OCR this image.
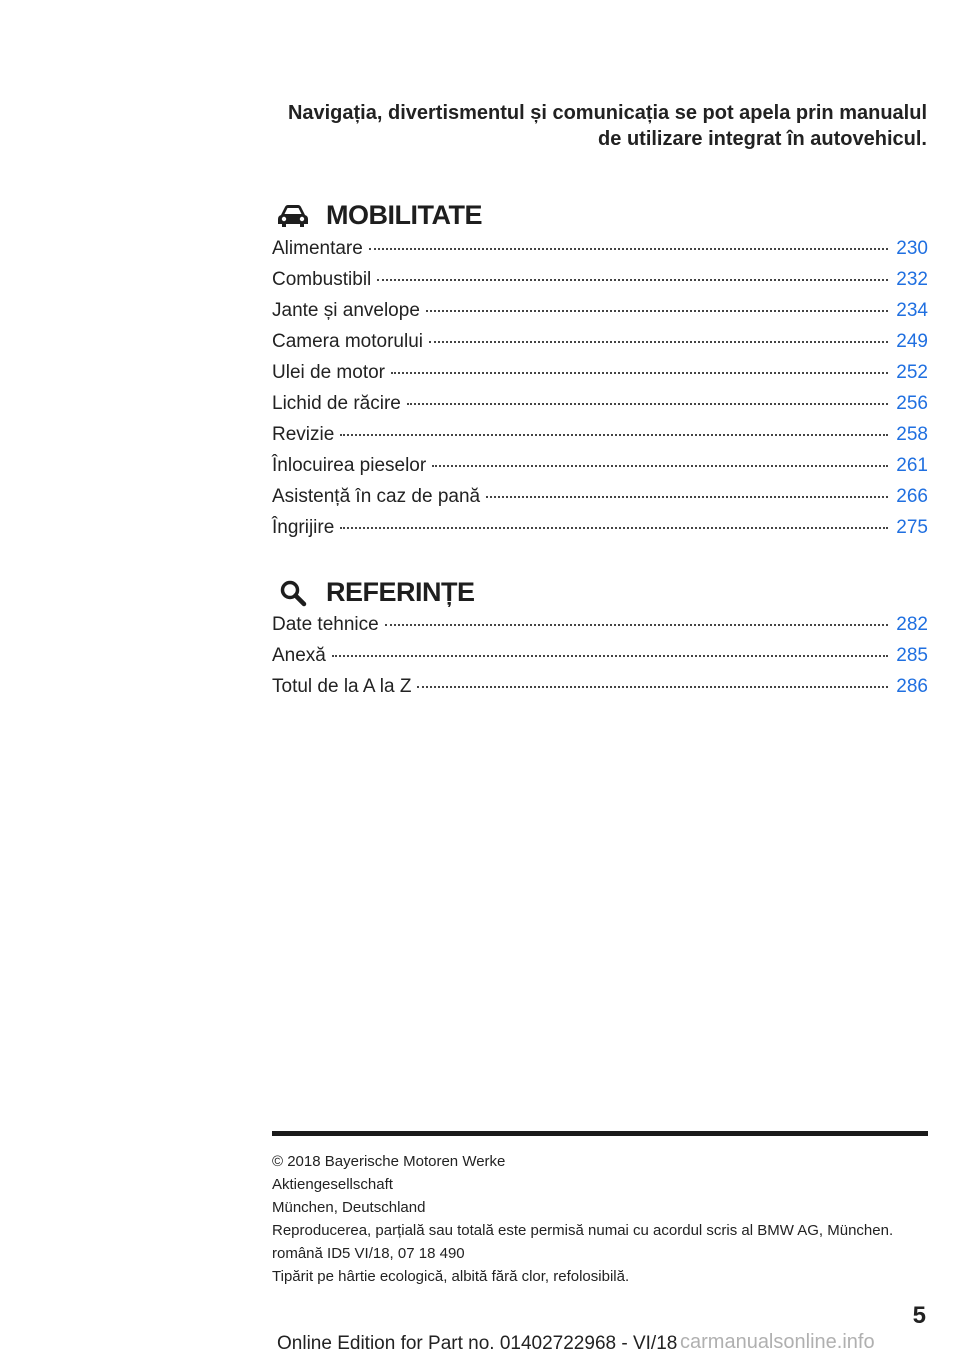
Navigația, divertismentul și comunicația se pot apela prin manualul
de utilizare integrat în autovehicul.
MOBILITATE
Alimentare	230
Combustibil	232
Jante și anvelope	234
Camera motorului	249
Ulei de motor	252
Lichid de răcire	256
Revizie	258
Înlocuirea pieselor	261
Asistență în caz de pană	266
Îngrijire	275
REFERINȚE
Date tehnice	282
Anexă	285
Totul de la A la Z	286
© 2018 Bayerische Motoren Werke
Aktiengesellschaft
München, Deutschland
Reproducerea, parțială sau totală este permisă numai cu acordul scris al BMW AG, München.
română ID5 VI/18, 07 18 490
Tipărit pe hârtie ecologică, albită fără clor, refolosibilă.
5
Online Edition for Part no. 01402722968 - VI/18 carmanualsonline.info
